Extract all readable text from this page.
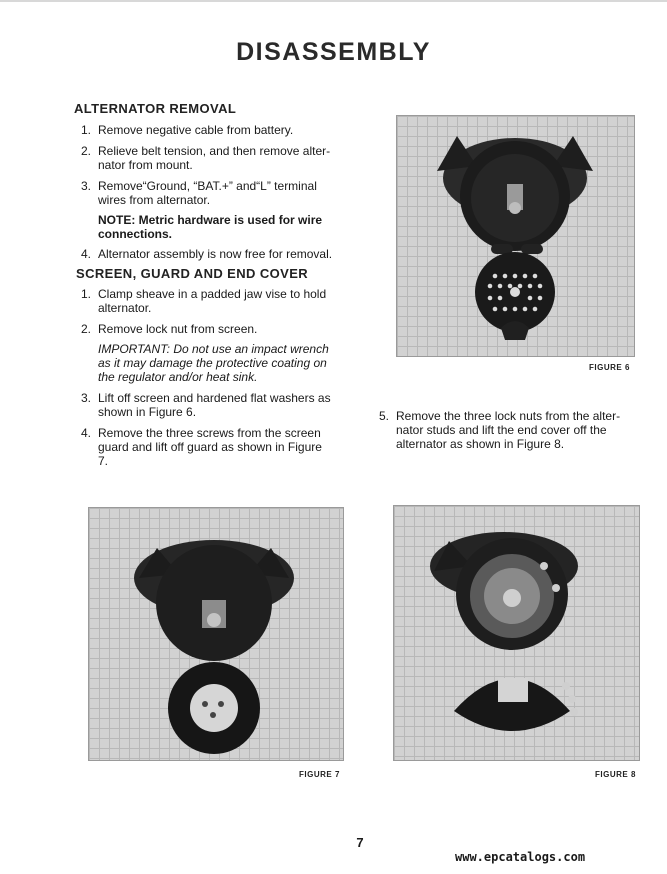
DISASSEMBLY
ALTERNATOR REMOVAL
1. Remove negative cable from battery.
2. Relieve belt tension, and then remove alter-
nator from mount.
3. Remove“Ground, “BAT.+” and“L” terminal
wires from alternator.
NOTE: Metric hardware is used for wire
connections.
4. Alternator assembly is now free for removal.
SCREEN, GUARD AND END COVER
1. Clamp sheave in a padded jaw vise to hold
alternator.
2. Remove lock nut from screen.
IMPORTANT: Do not use an impact wrench
as it may damage the protective coating on
the regulator and/or heat sink.
3. Lift off screen and hardened flat washers as
shown in Figure 6.
4. Remove the three screws from the screen
guard and lift off guard as shown in Figure
7.
5. Remove the three lock nuts from the alter-
nator studs and lift the end cover off the
alternator as shown in Figure 8.
FIGURE 6
FIGURE 7	FIGURE 8
7
www.epcatalogs.com
